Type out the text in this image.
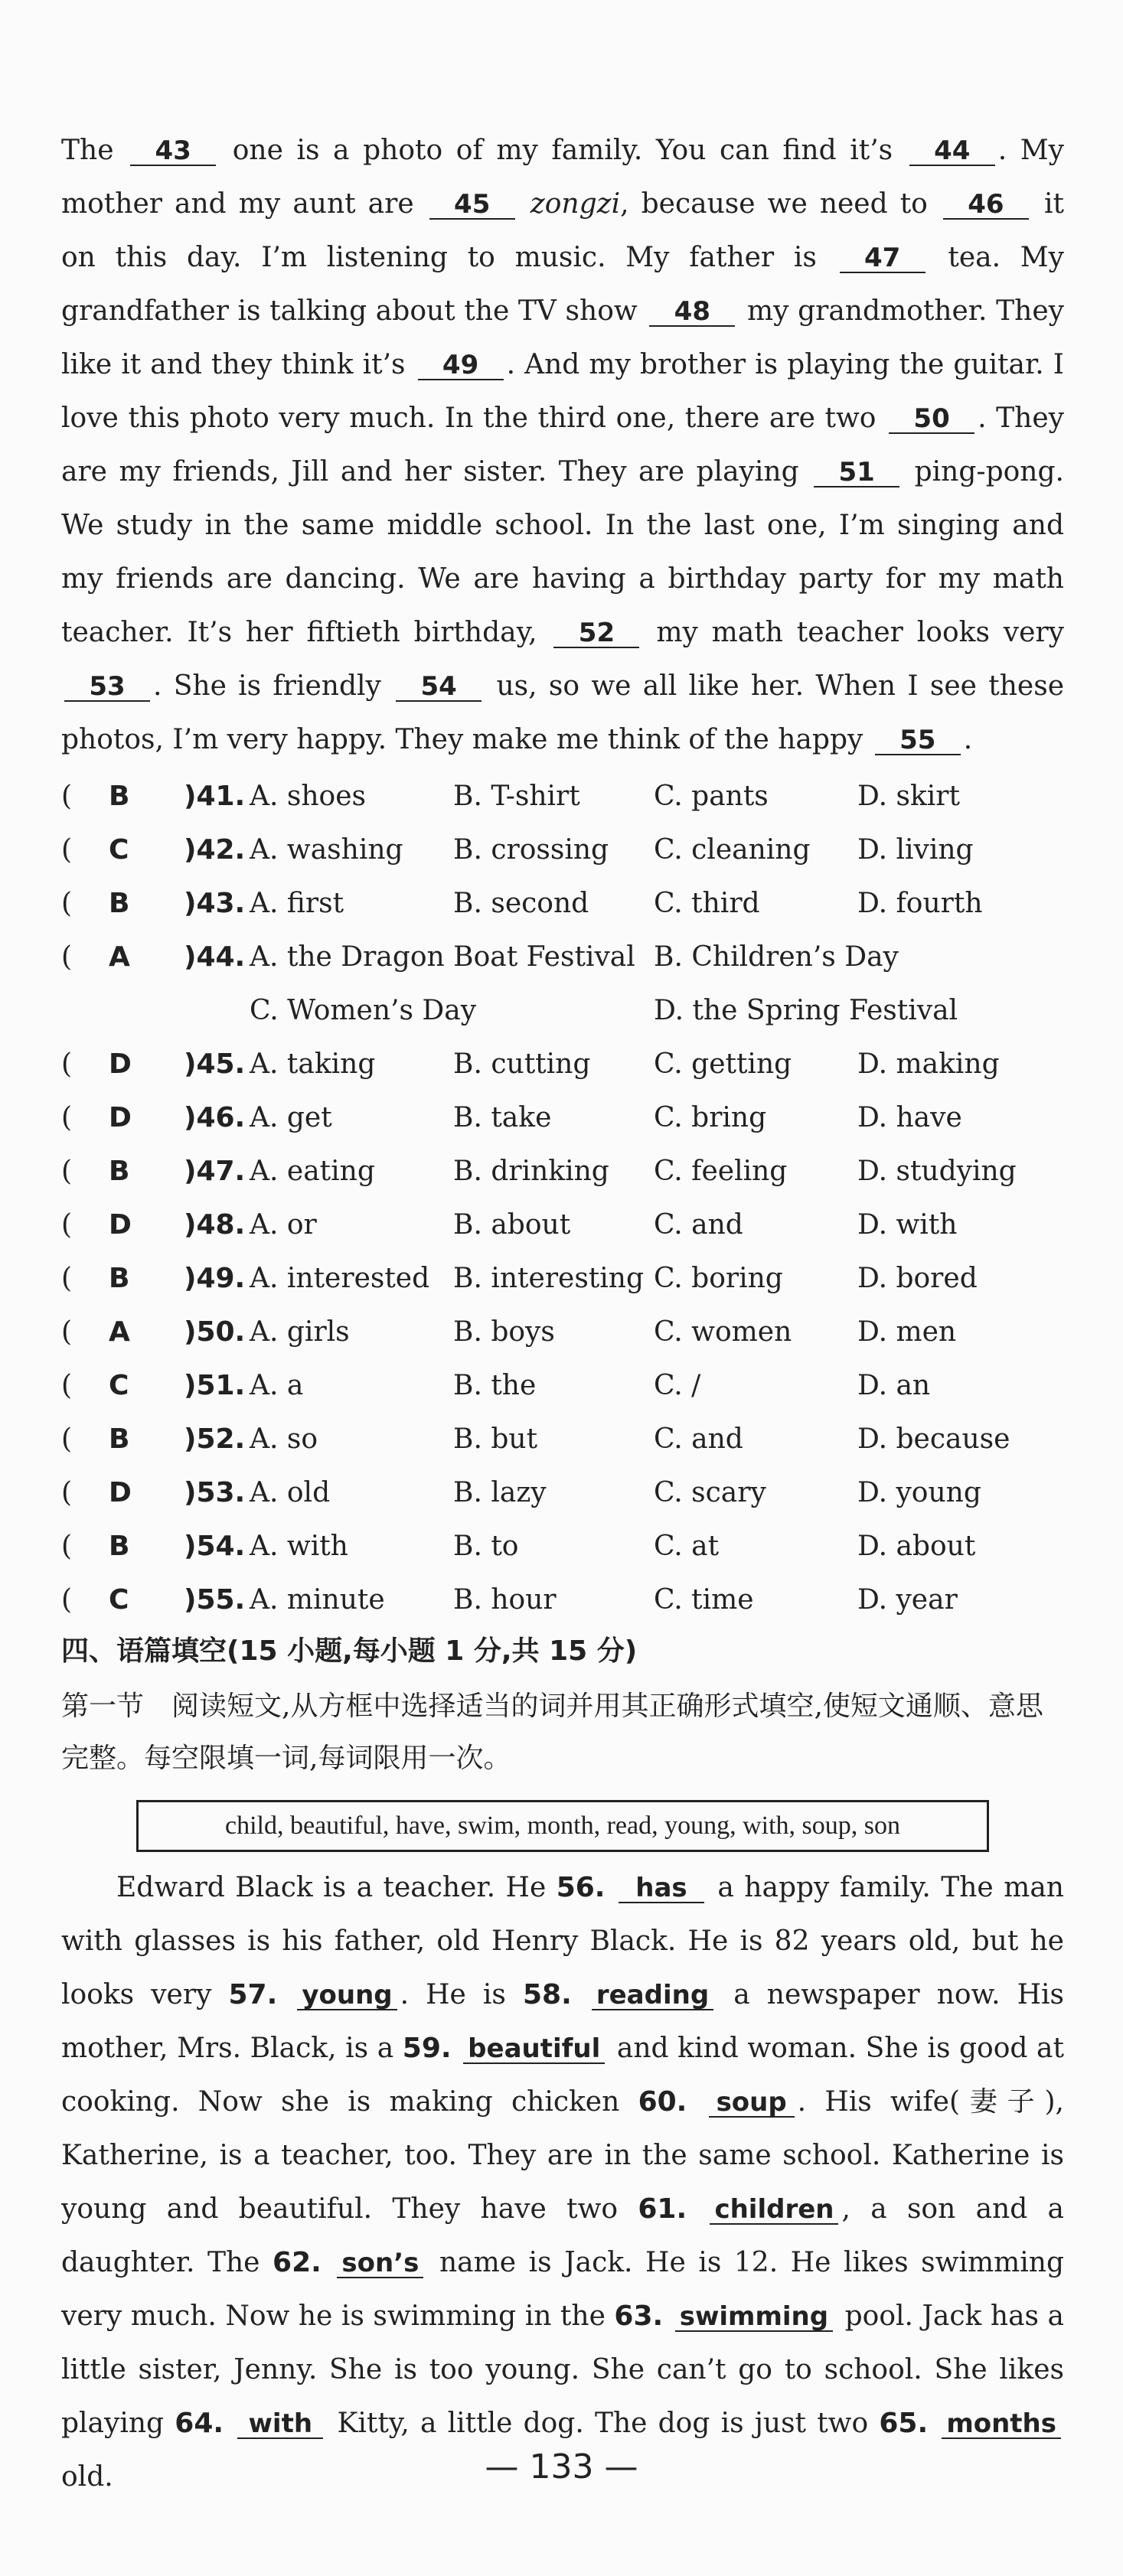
The 43 one is a photo of my family. You can find it’s 44 . My mother and my aunt are 45 zongzi, because we need to 46 it on this day. I’m listening to music. My father is 47 tea. My grandfather is talking about the TV show 48 my grandmother. They like it and they think it’s 49 . And my brother is playing the guitar. I love this photo very much. In the third one, there are two 50 . They are my friends, Jill and her sister. They are playing 51 ping-pong. We study in the same middle school. In the last one, I’m singing and my friends are dancing. We are having a birthday party for my math teacher. It’s her fiftieth birthday, 52 my math teacher looks very 53 . She is friendly 54 us, so we all like her. When I see these photos, I’m very happy. They make me think of the happy 55 .
( B )41. A. shoes	B. T-shirt	C. pants	D. skirt
( C )42. A. washing B. crossing C. cleaning D. living
( B )43. A. first	B. second C. third	D. fourth
( A )44. A. the Dragon Boat Festival B. Children’s Day
C. Women’s Day	D. the Spring Festival
( D )45. A. taking	B. cutting C. getting D. making
( D )46. A. get	B. take	C. bring	D. have
( B )47. A. eating	B. drinking C. feeling	D. studying
( D )48. A. or	B. about	C. and	D. with
( B )49. A. interested B. interesting C. boring	D. bored
( A )50. A. girls	B. boys	C. women D. men
( C )51. A. a	B. the	C. /	D. an
( B )52. A. so	B. but	C. and	D. because
( D )53. A. old	B. lazy	C. scary	D. young
( B )54. A. with	B. to	C. at	D. about
( C )55. A. minute B. hour	C. time	D. year
四、语篇填空(15 小题,每小题 1 分,共 15 分)
第一节　阅读短文,从方框中选择适当的词并用其正确形式填空,使短文通顺、意思完整。每空限填一词,每词限用一次。
child, beautiful, have, swim, month, read, young, with, soup, son
Edward Black is a teacher. He 56. has a happy family. The man with glasses is his father, old Henry Black. He is 82 years old, but he looks very 57. young . He is 58. reading a newspaper now. His mother, Mrs. Black, is a 59. beautiful and kind woman. She is good at cooking. Now she is making chicken 60. soup . His wife(妻子), Katherine, is a teacher, too. They are in the same school. Katherine is young and beautiful. They have two 61. children , a son and a daughter. The 62. son’s name is Jack. He is 12. He likes swimming very much. Now he is swimming in the 63. swimming pool. Jack has a little sister, Jenny. She is too young. She can’t go to school. She likes playing 64. with Kitty, a little dog. The dog is just two 65. months old.	— 133 —
